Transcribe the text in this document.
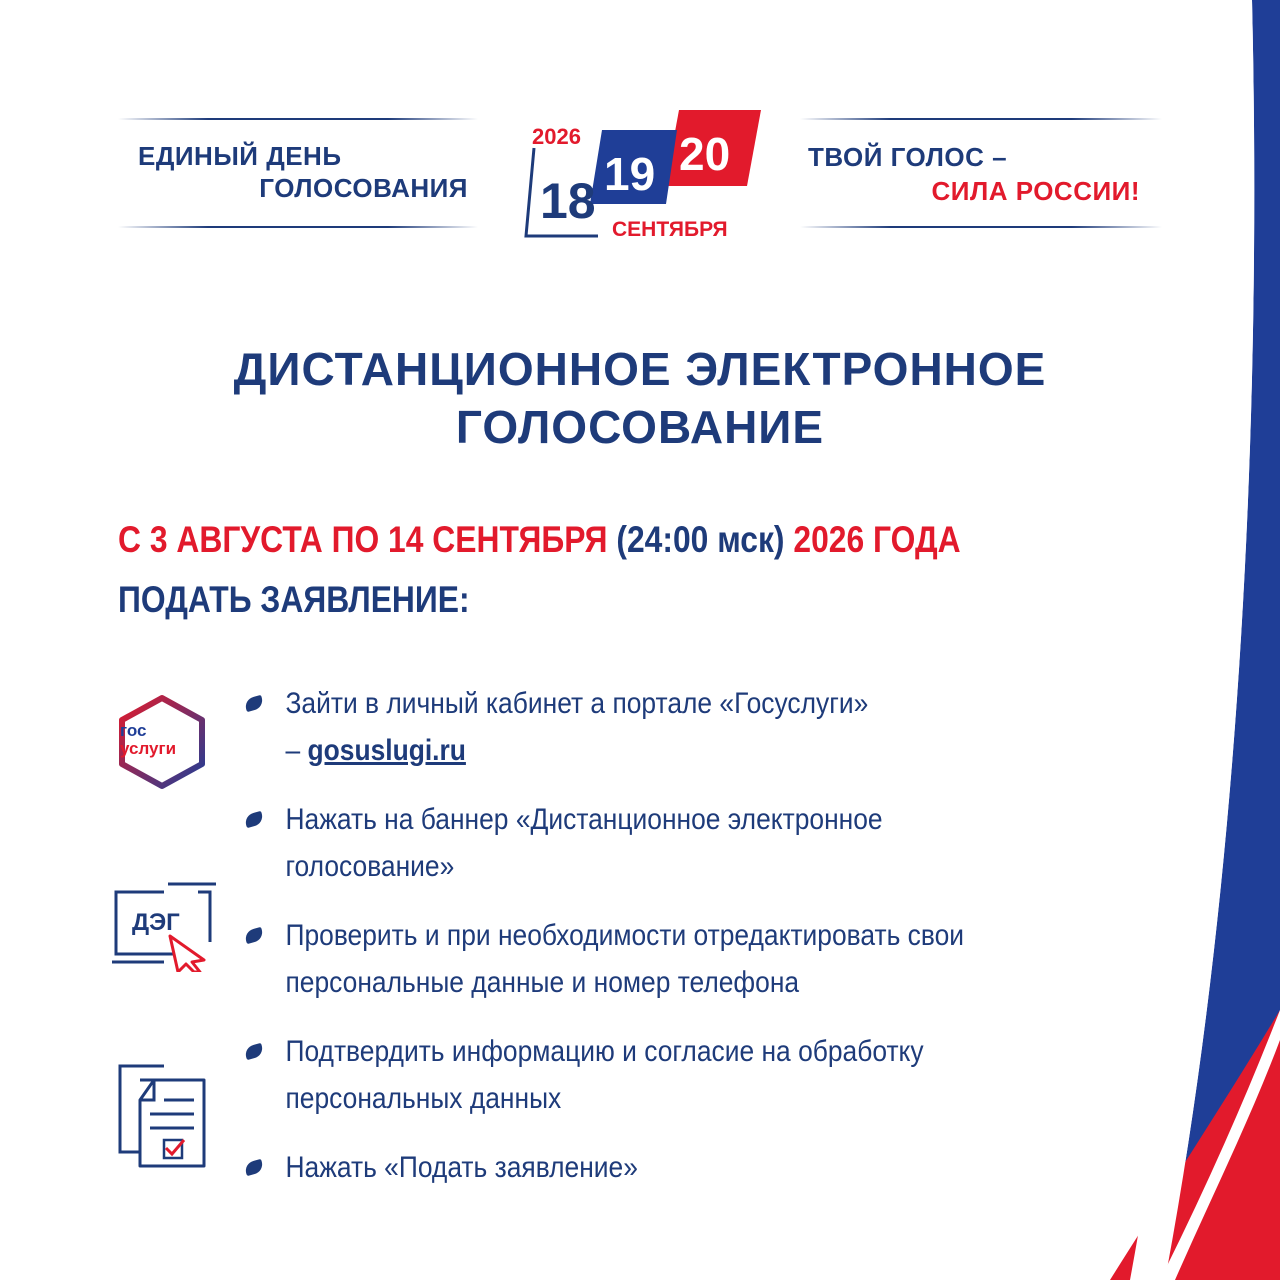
ЕДИНЫЙ ДЕНЬ
ГОЛОСОВАНИЯ
2026
18 19 20
СЕНТЯБРЯ
ТВОЙ ГОЛОС –
СИЛА РОССИИ!
ДИСТАНЦИОННОЕ ЭЛЕКТРОННОЕ
ГОЛОСОВАНИЕ
С 3 АВГУСТА ПО 14 СЕНТЯБРЯ (24:00 мск) 2026 ГОДА
ПОДАТЬ ЗАЯВЛЕНИЕ:
гос
услуги
ДЭГ
Зайти в личный кабинет а портале «Госуслуги»
– gosuslugi.ru
Нажать на баннер «Дистанционное электронное
голосование»
Проверить и при необходимости отредактировать свои
персональные данные и номер телефона
Подтвердить информацию и согласие на обработку
персональных данных
Нажать «Подать заявление»
